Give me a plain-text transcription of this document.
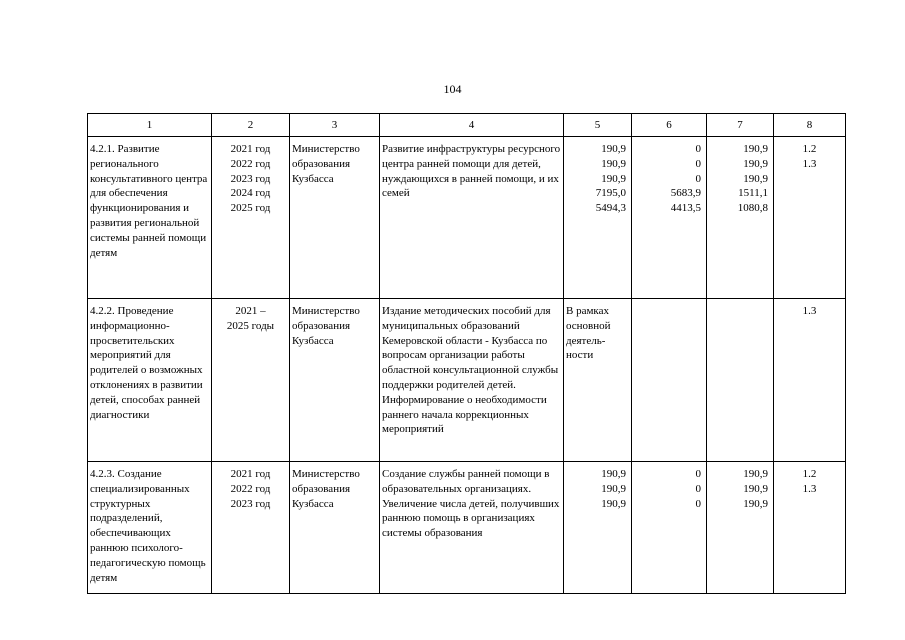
104
1	2	3	4	5	6	7	8
4.2.1. Развитие регионального консультативного центра для обеспечения функционирования и развития региональной системы ранней помощи детям	2021 год
2022 год
2023 год
2024 год
2025 год	Министерство образования Кузбасса	Развитие инфраструктуры ресурсного центра ранней помощи для детей, нуждающихся в ранней помощи, и их семей	190,9
190,9
190,9
7195,0
5494,3	0
0
0
5683,9
4413,5	190,9
190,9
190,9
1511,1
1080,8	1.2
1.3

4.2.2. Проведение информационно-просветительских мероприятий для родителей о возможных отклонениях в развитии детей, способах ранней диагностики	2021 –
2025 годы	Министерство образования Кузбасса	Издание методических пособий для муниципальных образований Кемеровской области - Кузбасса по вопросам организации работы областной консультационной службы поддержки родителей детей. Информирование о необходимости раннего начала коррекционных мероприятий	В рамках основной деятель-ности			1.3

4.2.3. Создание специализированных структурных подразделений, обеспечивающих раннюю психолого-педагогическую помощь детям	2021 год
2022 год
2023 год	Министерство образования Кузбасса	Создание службы ранней помощи в образовательных организациях. Увеличение числа детей, получивших раннюю помощь в организациях системы образования	190,9
190,9
190,9	0
0
0	190,9
190,9
190,9	1.2
1.3
